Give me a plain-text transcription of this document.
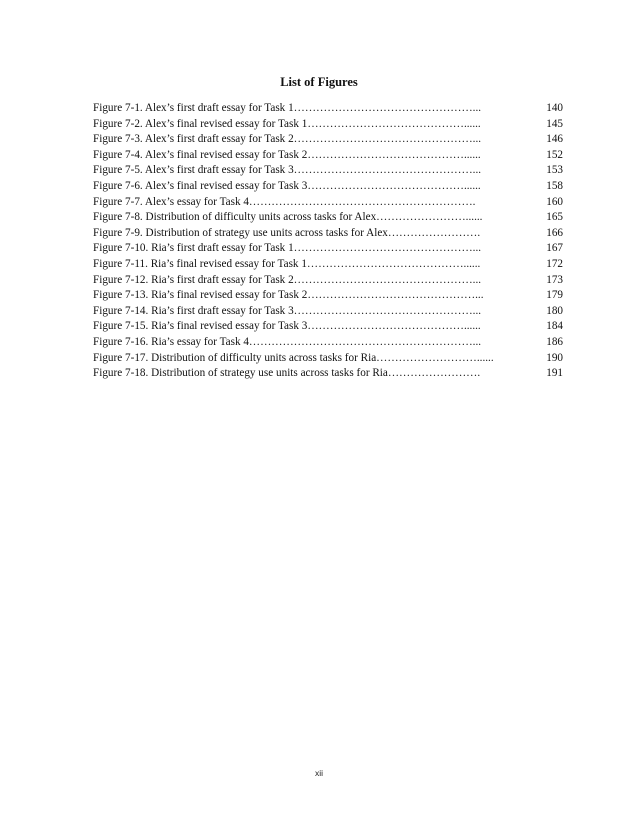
List of Figures
Figure 7-1. Alex’s first draft essay for Task 1…………………………………………...	140
Figure 7-2. Alex’s final revised essay for Task 1……………………………………......	145
Figure 7-3. Alex’s first draft essay for Task 2…………………………………………...	146
Figure 7-4. Alex’s final revised essay for Task 2……………………………………......	152
Figure 7-5. Alex’s first draft essay for Task 3…………………………………………...	153
Figure 7-6. Alex’s final revised essay for Task 3……………………………………......	158
Figure 7-7. Alex’s essay for Task 4…………………………………………………….	160
Figure 7-8. Distribution of difficulty units across tasks for Alex……………………......	165
Figure 7-9. Distribution of strategy use units across tasks for Alex…………………….	166
Figure 7-10. Ria’s first draft essay for Task 1…………………………………………...	167
Figure 7-11. Ria’s final revised essay for Task 1……………………………………......	172
Figure 7-12. Ria’s first draft essay for Task 2…………………………………………...	173
Figure 7-13. Ria’s final revised essay for Task 2………………………………………...	179
Figure 7-14. Ria’s first draft essay for Task 3…………………………………………...	180
Figure 7-15. Ria’s final revised essay for Task 3……………………………………......	184
Figure 7-16. Ria’s essay for Task 4……………………………………………………...	186
Figure 7-17. Distribution of difficulty units across tasks for Ria………………………......	190
Figure 7-18. Distribution of strategy use units across tasks for Ria…………………….	191
xii
